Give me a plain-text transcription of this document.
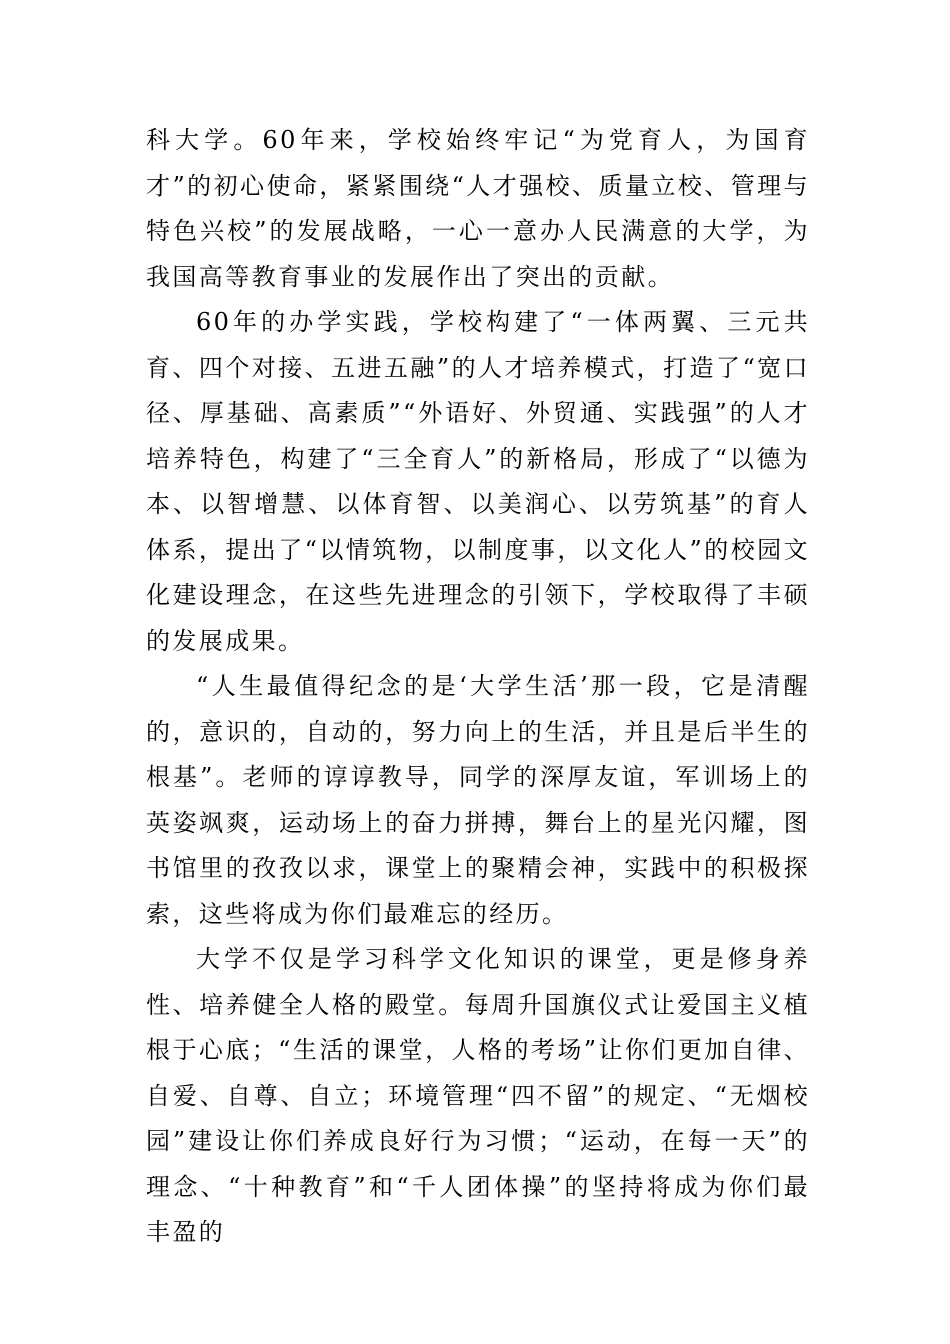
科大学。60年来，学校始终牢记“为党育人，为国育才”的初心使命，紧紧围绕“人才强校、质量立校、管理与特色兴校”的发展战略，一心一意办人民满意的大学，为我国高等教育事业的发展作出了突出的贡献。

60年的办学实践，学校构建了“一体两翼、三元共育、四个对接、五进五融”的人才培养模式，打造了“宽口径、厚基础、高素质”“外语好、外贸通、实践强”的人才培养特色，构建了“三全育人”的新格局，形成了“以德为本、以智增慧、以体育智、以美润心、以劳筑基”的育人体系，提出了“以情筑物，以制度事，以文化人”的校园文化建设理念，在这些先进理念的引领下，学校取得了丰硕的发展成果。

“人生最值得纪念的是‘大学生活’那一段，它是清醒的，意识的，自动的，努力向上的生活，并且是后半生的根基”。老师的谆谆教导，同学的深厚友谊，军训场上的英姿飒爽，运动场上的奋力拼搏，舞台上的星光闪耀，图书馆里的孜孜以求，课堂上的聚精会神，实践中的积极探索，这些将成为你们最难忘的经历。

大学不仅是学习科学文化知识的课堂，更是修身养性、培养健全人格的殿堂。每周升国旗仪式让爱国主义植根于心底；“生活的课堂，人格的考场”让你们更加自律、自爱、自尊、自立；环境管理“四不留”的规定、“无烟校园”建设让你们养成良好行为习惯；“运动，在每一天”的理念、“十种教育”和“千人团体操”的坚持将成为你们最丰盈的
